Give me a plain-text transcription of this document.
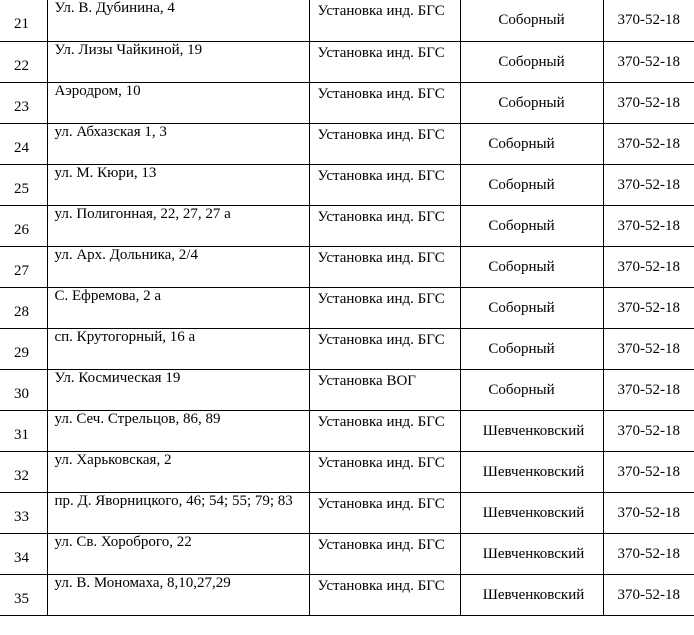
21	Ул. В. Дубинина, 4	Установка инд. БГС	Соборный	370-52-18
22	Ул. Лизы Чайкиной, 19	Установка инд. БГС	Соборный	370-52-18
23	Аэродром, 10	Установка инд. БГС	Соборный	370-52-18
24	ул. Абхазская 1, 3	Установка инд. БГС	Соборный	370-52-18
25	ул. М. Кюри, 13	Установка инд. БГС	Соборный	370-52-18
26	ул. Полигонная, 22, 27, 27 а	Установка инд. БГС	Соборный	370-52-18
27	ул. Арх. Дольника, 2/4	Установка инд. БГС	Соборный	370-52-18
28	С. Ефремова, 2 а	Установка инд. БГС	Соборный	370-52-18
29	сп. Крутогорный, 16 а	Установка инд. БГС	Соборный	370-52-18
30	Ул. Космическая 19	Установка ВОГ	Соборный	370-52-18
31	ул. Сеч. Стрельцов, 86, 89	Установка инд. БГС	Шевченковский	370-52-18
32	ул. Харьковская, 2	Установка инд. БГС	Шевченковский	370-52-18
33	пр. Д. Яворницкого, 46; 54; 55; 79; 83	Установка инд. БГС	Шевченковский	370-52-18
34	ул. Св. Хороброго, 22	Установка инд. БГС	Шевченковский	370-52-18
35	ул. В. Мономаха, 8,10,27,29	Установка инд. БГС	Шевченковский	370-52-18
